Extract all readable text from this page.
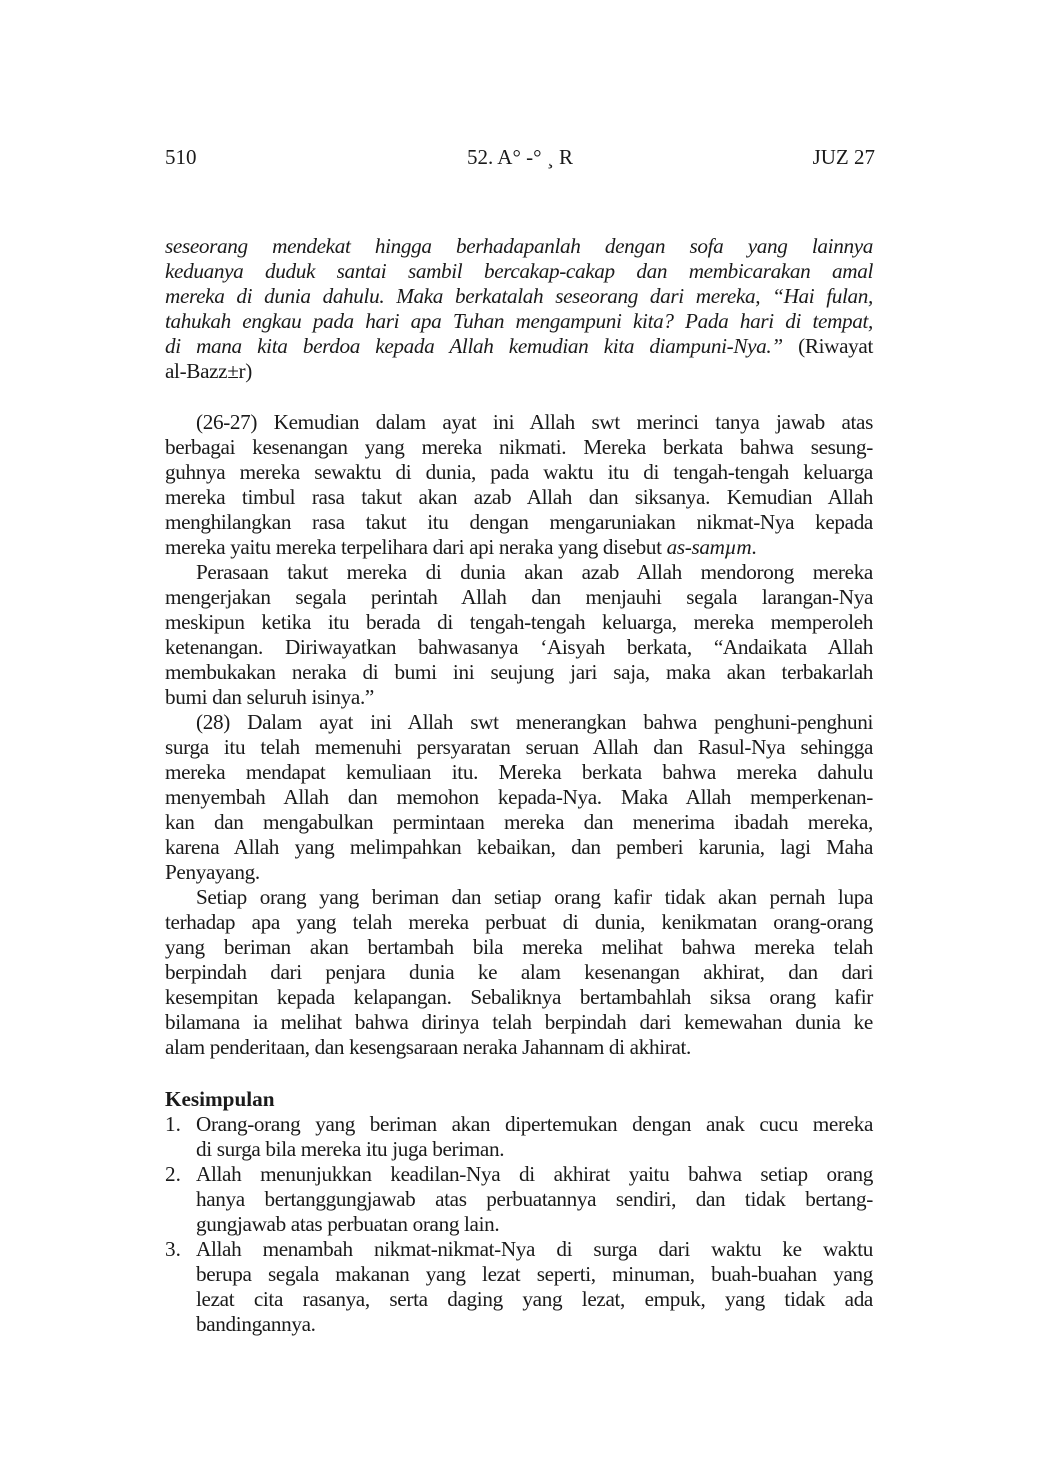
510	52. A° -° ¸ R	JUZ 27
seseorang mendekat hingga berhadapanlah dengan sofa yang lainnya
keduanya duduk santai sambil bercakap-cakap dan membicarakan amal
mereka di dunia dahulu. Maka berkatalah seseorang dari mereka, “Hai fulan,
tahukah engkau pada hari apa Tuhan mengampuni kita? Pada hari di tempat,
di mana kita berdoa kepada Allah kemudian kita diampuni-Nya.” (Riwayat
al-Bazz±r)
(26-27) Kemudian dalam ayat ini Allah swt merinci tanya jawab atas
berbagai kesenangan yang mereka nikmati. Mereka berkata bahwa sesung-
guhnya mereka sewaktu di dunia, pada waktu itu di tengah-tengah keluarga
mereka timbul rasa takut akan azab Allah dan siksanya. Kemudian Allah
menghilangkan rasa takut itu dengan mengaruniakan nikmat-Nya kepada
mereka yaitu mereka terpelihara dari api neraka yang disebut as-samµm.
Perasaan takut mereka di dunia akan azab Allah mendorong mereka
mengerjakan segala perintah Allah dan menjauhi segala larangan-Nya
meskipun ketika itu berada di tengah-tengah keluarga, mereka memperoleh
ketenangan. Diriwayatkan bahwasanya ‘Aisyah berkata, “Andaikata Allah
membukakan neraka di bumi ini seujung jari saja, maka akan terbakarlah
bumi dan seluruh isinya.”
(28) Dalam ayat ini Allah swt menerangkan bahwa penghuni-penghuni
surga itu telah memenuhi persyaratan seruan Allah dan Rasul-Nya sehingga
mereka mendapat kemuliaan itu. Mereka berkata bahwa mereka dahulu
menyembah Allah dan memohon kepada-Nya. Maka Allah memperkenan-
kan dan mengabulkan permintaan mereka dan menerima ibadah mereka,
karena Allah yang melimpahkan kebaikan, dan pemberi karunia, lagi Maha
Penyayang.
Setiap orang yang beriman dan setiap orang kafir tidak akan pernah lupa
terhadap apa yang telah mereka perbuat di dunia, kenikmatan orang-orang
yang beriman akan bertambah bila mereka melihat bahwa mereka telah
berpindah dari penjara dunia ke alam kesenangan akhirat, dan dari
kesempitan kepada kelapangan. Sebaliknya bertambahlah siksa orang kafir
bilamana ia melihat bahwa dirinya telah berpindah dari kemewahan dunia ke
alam penderitaan, dan kesengsaraan neraka Jahannam di akhirat.
Kesimpulan
1. Orang-orang yang beriman akan dipertemukan dengan anak cucu mereka
di surga bila mereka itu juga beriman.
2. Allah menunjukkan keadilan-Nya di akhirat yaitu bahwa setiap orang
hanya bertanggungjawab atas perbuatannya sendiri, dan tidak bertang-
gungjawab atas perbuatan orang lain.
3. Allah menambah nikmat-nikmat-Nya di surga dari waktu ke waktu
berupa segala makanan yang lezat seperti, minuman, buah-buahan yang
lezat cita rasanya, serta daging yang lezat, empuk, yang tidak ada
bandingannya.
